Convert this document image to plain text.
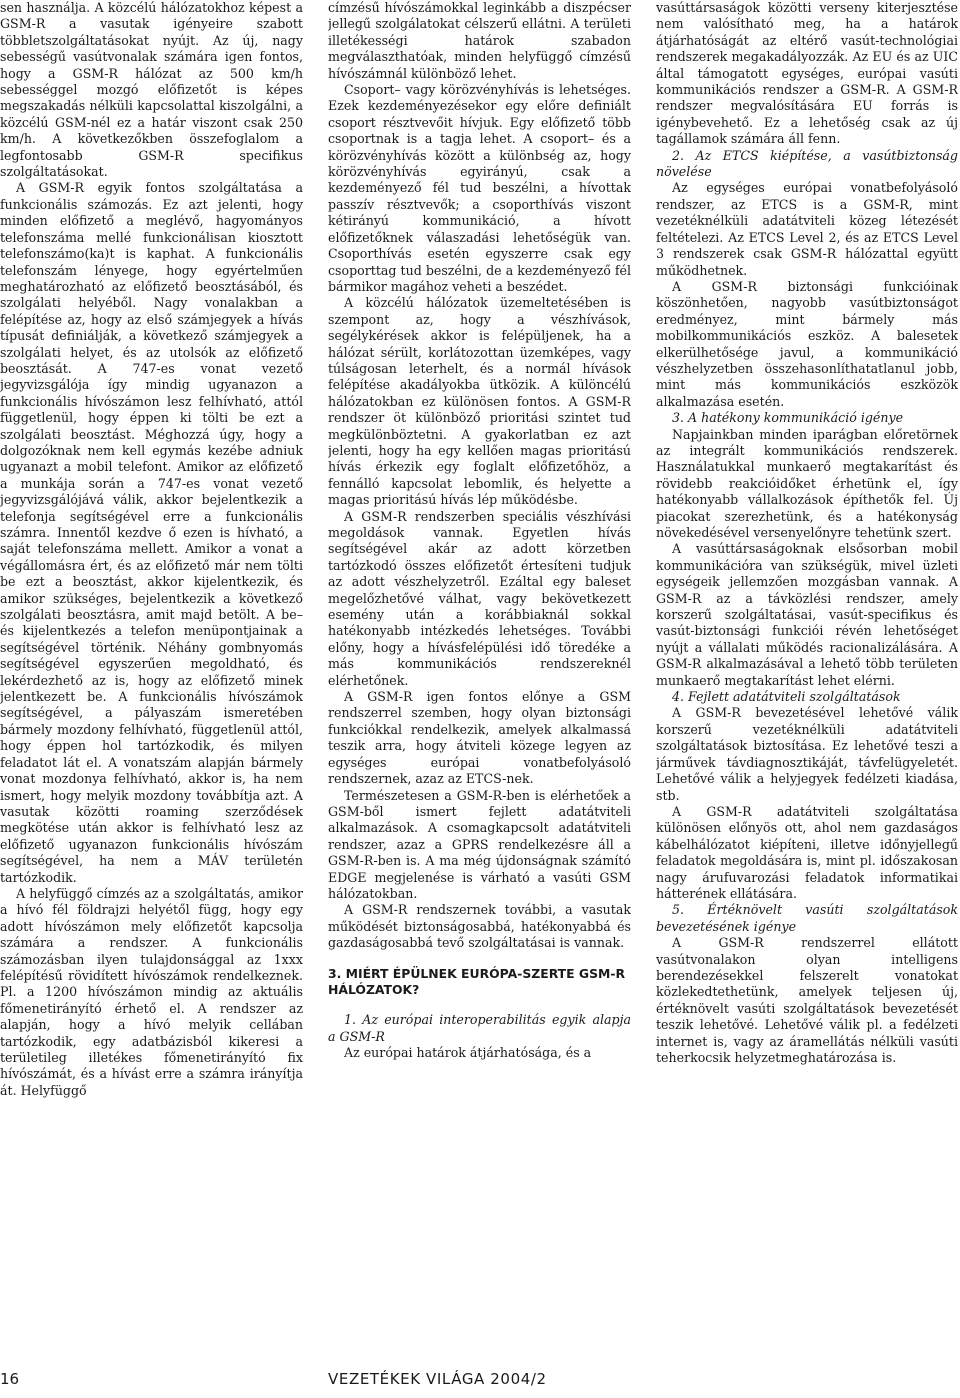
sen használja. A közcélú hálózatokhoz képest a GSM-R a vasutak igényeire szabott többletszolgáltatásokat nyújt. Az új, nagy sebességű vasútvonalak számára igen fontos, hogy a GSM-R hálózat az 500 km/h sebességgel mozgó előfizetőt is képes megszakadás nélküli kapcsolattal kiszolgálni, a közcélú GSM-nél ez a határ viszont csak 250 km/h. A következőkben összefoglalom a legfontosabb GSM-R specifikus szolgáltatásokat.

A GSM-R egyik fontos szolgáltatása a funkcionális számozás. Ez azt jelenti, hogy minden előfizető a meglévő, hagyományos telefonszáma mellé funkcionálisan kiosztott telefonszámo(ka)t is kaphat. A funkcionális telefonszám lényege, hogy egyértelműen meghatározható az előfizető beosztásából, és szolgálati helyéből. Nagy vonalakban a felépítése az, hogy az első számjegyek a hívás típusát definiálják, a következő számjegyek a szolgálati helyet, és az utolsók az előfizető beosztását. A 747-es vonat vezető jegyvizsgálója így mindig ugyanazon a funkcionális hívószámon lesz felhívható, attól függetlenül, hogy éppen ki tölti be ezt a szolgálati beosztást. Méghozzá úgy, hogy a dolgozóknak nem kell egymás kezébe adniuk ugyanazt a mobil telefont. Amikor az előfizető a munkája során a 747-es vonat vezető jegyvizsgálójává válik, akkor bejelentkezik a telefonja segítségével erre a funkcionális számra. Innentől kezdve ő ezen is hívható, a saját telefonszáma mellett. Amikor a vonat a végállomásra ért, és az előfizető már nem tölti be ezt a beosztást, akkor kijelentkezik, és amikor szükséges, bejelentkezik a következő szolgálati beosztásra, amit majd betölt. A be– és kijelentkezés a telefon menüpontjainak a segítségével történik. Néhány gombnyomás segítségével egyszerűen megoldható, és lekérdezhető az is, hogy az előfizető minek jelentkezett be. A funkcionális hívószámok segítségével, a pályaszám ismeretében bármely mozdony felhívható, függetlenül attól, hogy éppen hol tartózkodik, és milyen feladatot lát el. A vonatszám alapján bármely vonat mozdonya felhívható, akkor is, ha nem ismert, hogy melyik mozdony továbbítja azt. A vasutak közötti roaming szerződések megkötése után akkor is felhívható lesz az előfizető ugyanazon funkcionális hívószám segítségével, ha nem a MÁV területén tartózkodik.

A helyfüggő címzés az a szolgáltatás, amikor a hívó fél földrajzi helyétől függ, hogy egy adott hívószámon mely előfizetőt kapcsolja számára a rendszer. A funkcionális számozásban ilyen tulajdonsággal az 1xxx felépítésű rövidített hívószámok rendelkeznek. Pl. a 1200 hívószámon mindig az aktuális főmenetirányító érhető el. A rendszer az alapján, hogy a hívó melyik cellában tartózkodik, egy adatbázisból kikeresi a területileg illetékes főmenetirányító fix hívószámát, és a hívást erre a számra irányítja át. Helyfüggő

címzésű hívószámokkal leginkább a diszpécser jellegű szolgálatokat célszerű ellátni. A területi illetékességi határok szabadon megválaszthatóak, minden helyfüggő címzésű hívószámnál különböző lehet.

Csoport– vagy körözvényhívás is lehetséges. Ezek kezdeményezésekor egy előre definiált csoport résztvevőit hívjuk. Egy előfizető több csoportnak is a tagja lehet. A csoport– és a körözvényhívás között a különbség az, hogy körözvényhívás egyirányú, csak a kezdeményező fél tud beszélni, a hívottak passzív résztvevők; a csoporthívás viszont kétirányú kommunikáció, a hívott előfizetőknek válaszadási lehetőségük van. Csoporthívás esetén egyszerre csak egy csoporttag tud beszélni, de a kezdeményező fél bármikor magához veheti a beszédet.

A közcélú hálózatok üzemeltetésében is szempont az, hogy a vészhívások, segélykérések akkor is felépüljenek, ha a hálózat sérült, korlátozottan üzemképes, vagy túlságosan leterhelt, és a normál hívások felépítése akadályokba ütközik. A különcélú hálózatokban ez különösen fontos. A GSM-R rendszer öt különböző prioritási szintet tud megkülönböztetni. A gyakorlatban ez azt jelenti, hogy ha egy kellően magas prioritású hívás érkezik egy foglalt előfizetőhöz, a fennálló kapcsolat lebomlik, és helyette a magas prioritású hívás lép működésbe.

A GSM-R rendszerben speciális vészhívási megoldások vannak. Egyetlen hívás segítségével akár az adott körzetben tartózkodó összes előfizetőt értesíteni tudjuk az adott vészhelyzetről. Ezáltal egy baleset megelőzhetővé válhat, vagy bekövetkezett esemény után a korábbiaknál sokkal hatékonyabb intézkedés lehetséges. További előny, hogy a hívásfelépülési idő töredéke a más kommunikációs rendszereknél elérhetőnek.

A GSM-R igen fontos előnye a GSM rendszerrel szemben, hogy olyan biztonsági funkciókkal rendelkezik, amelyek alkalmassá teszik arra, hogy átviteli közege legyen az egységes európai vonatbefolyásoló rendszernek, azaz az ETCS-nek.

Természetesen a GSM-R-ben is elérhetőek a GSM-ből ismert fejlett adatátviteli alkalmazások. A csomagkapcsolt adatátviteli rendszer, azaz a GPRS rendelkezésre áll a GSM-R-ben is. A ma még újdonságnak számító EDGE megjelenése is várható a vasúti GSM hálózatokban.

A GSM-R rendszernek további, a vasutak működését biztonságosabbá, hatékonyabbá és gazdaságosabbá tevő szolgáltatásai is vannak.

3. MIÉRT ÉPÜLNEK EURÓPA-SZERTE GSM-R HÁLÓZATOK?

1. Az európai interoperabilitás egyik alapja a GSM-R

Az európai határok átjárhatósága, és a

vasúttársaságok közötti verseny kiterjesztése nem valósítható meg, ha a határok átjárhatóságát az eltérő vasút-technológiai rendszerek megakadályozzák. Az EU és az UIC által támogatott egységes, európai vasúti kommunikációs rendszer a GSM-R. A GSM-R rendszer megvalósítására EU forrás is igénybevehető. Ez a lehetőség csak az új tagállamok számára áll fenn.

2. Az ETCS kiépítése, a vasútbiztonság növelése

Az egységes európai vonatbefolyásoló rendszer, az ETCS is a GSM-R, mint vezetéknélküli adatátviteli közeg létezését feltételezi. Az ETCS Level 2, és az ETCS Level 3 rendszerek csak GSM-R hálózattal együtt működhetnek.

A GSM-R biztonsági funkcióinak köszönhetően, nagyobb vasútbiztonságot eredményez, mint bármely más mobilkommunikációs eszköz. A balesetek elkerülhetősége javul, a kommunikáció vészhelyzetben összehasonlíthatatlanul jobb, mint más kommunikációs eszközök alkalmazása esetén.

3. A hatékony kommunikáció igénye

Napjainkban minden iparágban előretörnek az integrált kommunikációs rendszerek. Használatukkal munkaerő megtakarítást és rövidebb reakcióidőket érhetünk el, így hatékonyabb vállalkozások építhetők fel. Új piacokat szerezhetünk, és a hatékonyság növekedésével versenyelőnyre tehetünk szert.

A vasúttársaságoknak elsősorban mobil kommunikációra van szükségük, mivel üzleti egységeik jellemzően mozgásban vannak. A GSM-R az a távközlési rendszer, amely korszerű szolgáltatásai, vasút-specifikus és vasút-biztonsági funkciói révén lehetőséget nyújt a vállalati működés racionalizálására. A GSM-R alkalmazásával a lehető több területen munkaerő megtakarítást lehet elérni.

4. Fejlett adatátviteli szolgáltatások

A GSM-R bevezetésével lehetővé válik korszerű vezetéknélküli adatátviteli szolgáltatások biztosítása. Ez lehetővé teszi a járművek távdiagnosztikáját, távfelügyeletét. Lehetővé válik a helyjegyek fedélzeti kiadása, stb.

A GSM-R adatátviteli szolgáltatása különösen előnyös ott, ahol nem gazdaságos kábelhálózatot kiépíteni, illetve időnyjellegű feladatok megoldására is, mint pl. időszakosan nagy árufuvarozási feladatok informatikai hátterének ellátására.

5. Értéknövelt vasúti szolgáltatások bevezetésének igénye

A GSM-R rendszerrel ellátott vasútvonalakon olyan intelligens berendezésekkel felszerelt vonatokat közlekedtethetünk, amelyek teljesen új, értéknövelt vasúti szolgáltatások bevezetését teszik lehetővé. Lehetővé válik pl. a fedélzeti internet is, vagy az áramellátás nélküli vasúti teherkocsik helyzetmeghatározása is.

16	VEZETÉKEK VILÁGA 2004/2
